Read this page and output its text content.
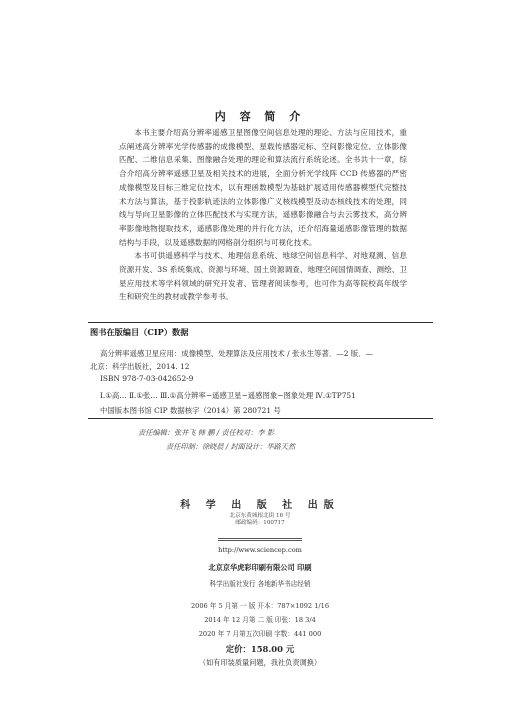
内 容 简 介

本书主要介绍高分辨率遥感卫星图像空间信息处理的理论、方法与应用技术，重点阐述高分辨率光学传感器的成像模型、星载传感器定标、空间影像定位、立体影像匹配、二维信息采集、图像融合处理的理论和算法流行系统论述。全书共十一章，综合介绍高分辨率遥感卫星及相关技术的进展，全面分析光学线阵 CCD 传感器的严密成像模型及目标三维定位技术，以有理函数模型为基础扩展适用传感器模型代完整技术方法与算法，基于投影轨迹法的立体影像广义核线模型及动态核线技术的处理，同线与导向卫星影像的立体匹配技术与实现方法，遥感影像融合与去云雾技术，高分辨率影像地物提取技术，遥感影像处理的并行化方法，还介绍海量遥感影像管理的数据结构与手段，以及遥感数据的网格剖分组织与可视化技术。

本书可供遥感科学与技术、地理信息系统、地球空间信息科学、对地观测、信息资源开发、3S 系统集成、资源与环境、国土资源调查、地理空间国情调查、测绘、卫星应用技术等学科领域的研究开发者、管理者阅读参考，也可作为高等院校高年级学生和研究生的教材或教学参考书。

图书在版编目（CIP）数据
高分辨率遥感卫星应用：成像模型、处理算法及应用技术 / 张永生等著．—2 版．—
北京：科学出版社，2014. 12
ISBN 978-7-03-042652-9
Ⅰ.①高… Ⅱ.①张… Ⅲ.①高分辨率−遥感卫星−遥感图象−图象处理 Ⅳ.①TP751
中国版本图书馆 CIP 数据核字（2014）第 280721 号
责任编辑：张井飞 韩 鹏 / 责任校对：李 影
责任印制：徐晓晨 / 封面设计：华路天然
科 学 出 版 社 出版
北京东黄城根北街 16 号
邮政编码：100717
http://www.sciencep.com
北京京华虎彩印刷有限公司 印刷
科学出版社发行 各地新华书店经销
2006 年 5 月第 一 版 开本：787×1092 1/16
2014 年 12 月第 二 版 印张：18 3/4
2020 年 7 月第五次印刷 字数：441 000
定价：158.00 元
（如有印装质量问题，我社负责调换）
